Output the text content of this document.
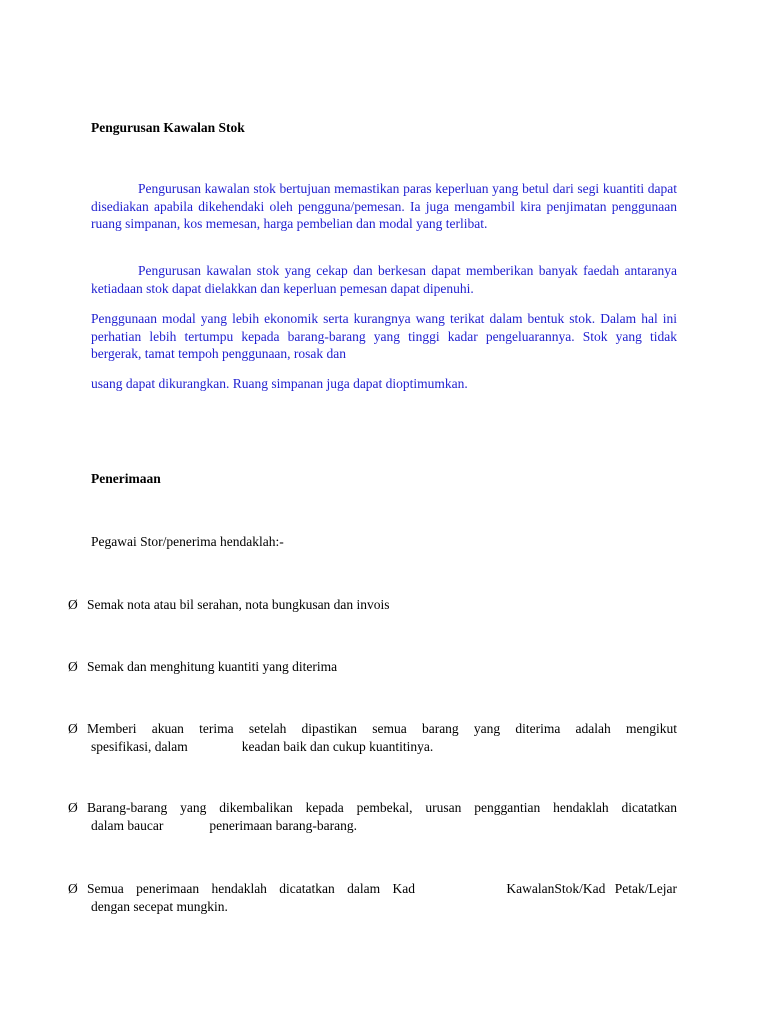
Pengurusan Kawalan Stok

Pengurusan kawalan stok bertujuan memastikan paras keperluan yang betul dari segi kuantiti dapat disediakan apabila dikehendaki oleh pengguna/pemesan. Ia juga mengambil kira penjimatan penggunaan ruang simpanan, kos memesan, harga pembelian dan modal yang terlibat.

Pengurusan kawalan stok yang cekap dan berkesan dapat memberikan banyak faedah antaranya ketiadaan stok dapat dielakkan dan keperluan pemesan dapat dipenuhi.

Penggunaan modal yang lebih ekonomik serta kurangnya wang terikat dalam bentuk stok. Dalam hal ini perhatian lebih tertumpu kepada barang-barang yang tinggi kadar pengeluarannya. Stok yang tidak bergerak, tamat tempoh penggunaan, rosak dan

usang dapat dikurangkan. Ruang simpanan juga dapat dioptimumkan.

Penerimaan
Pegawai Stor/penerima hendaklah:-
Ø Semak nota atau bil serahan, nota bungkusan dan invois
Ø Semak dan menghitung kuantiti yang diterima
Ø Memberi akuan terima setelah dipastikan semua barang yang diterima adalah mengikut
spesifikasi, dalam	keadan baik dan cukup kuantitinya.
Ø Barang-barang yang dikembalikan kepada pembekal, urusan penggantian hendaklah dicatatkan
dalam baucar	penerimaan barang-barang.
Ø Semua penerimaan hendaklah dicatatkan dalam Kad	KawalanStok/Kad Petak/Lejar
dengan secepat mungkin.
